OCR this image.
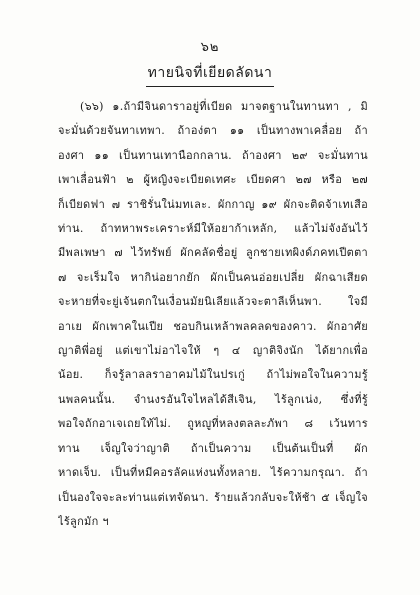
๖๒
ทายนิจที่เยียดลัดนา
(๖๖) ๑.ถ้ามีจินดาราอยู่ที่เบียด มาจตฐานในทานทา , มิ
จะมั่นด้วยจันทาเทพา. ถ้าอง่ตา ๑๑ เป็นทางพาเคลื่อย ถ้า
องศา ๑๑ เป็นทานเทานือกกลาน. ถ้าองศา ๒๙ จะมั่นทาน
เพาเลื่อนฟ้า ๒ ผู้หญิงจะเบียดเทศะ เบียดศา ๒๗ หรือ ๒๗
ก็เบียดฟา ๗ ราชิรั่นใน่มทเละ. ผักกาญ ๑๙ ผักจะติดจ้าเทเสือ
ท่าน. ถ้าทหาพระเคราะห์มีให้อยาก้าเหลัก, แล้วไม่จังอันไว้
มีพลเพษา ๗ ไว้ทรัพย์ ผักคลัดชื่อยู่ ลูกชายเทผิงด์ภคทเปีตตา
๗ จะเร็มใจ หากิน่อยากยัก ผักเป็นคนอ่อยเปลี่ย ผักฉาเสียด
จะหายที่จะยู่เจ้นตกในเงื่อนมัยนิเลียแล้วจะตาลีเห็นพา. ใจมี
อาเย ผักเพาคในเปีย ชอบกินเหล้าพลคลดของคาว. ผักอาศัย
ญาติพี่อยู่ แต่เขาไม่อาไจให้ ๆ ๔ ญาติจิงนัก ได้ยากเพื่อ
น้อย. ก็จรู้ลาลลราอาคมไม้ในปรเกู่ ถ้าไม่พอใจในความรู้
นพลคนนั้น. จำนงรอันใจไหลได้สีเจิน, ไร้ลูกเน่ง, ซึ่งที่รู้
พอใจถักอาเจเถยใท้ไม่. ถูหญูที่หลงตลละภัพา ๘ เว้นทาร
ทาน เจ็ญใจว่าญาติ ถ้าเป็นความ เป็นต้นเป็นที่ ผัก
หาดเจ็บ. เป็นที่หมีคอรลัคแห่งนทั้งหลาย. ไร้ความกรุณา. ถ้า
เป็นองใจจะละท่านแต่เทจัดนา. ร้ายแล้วกลับจะให้ช้า ๕ เจ็ญใจ
ไร้ลูกมัก ฯ
